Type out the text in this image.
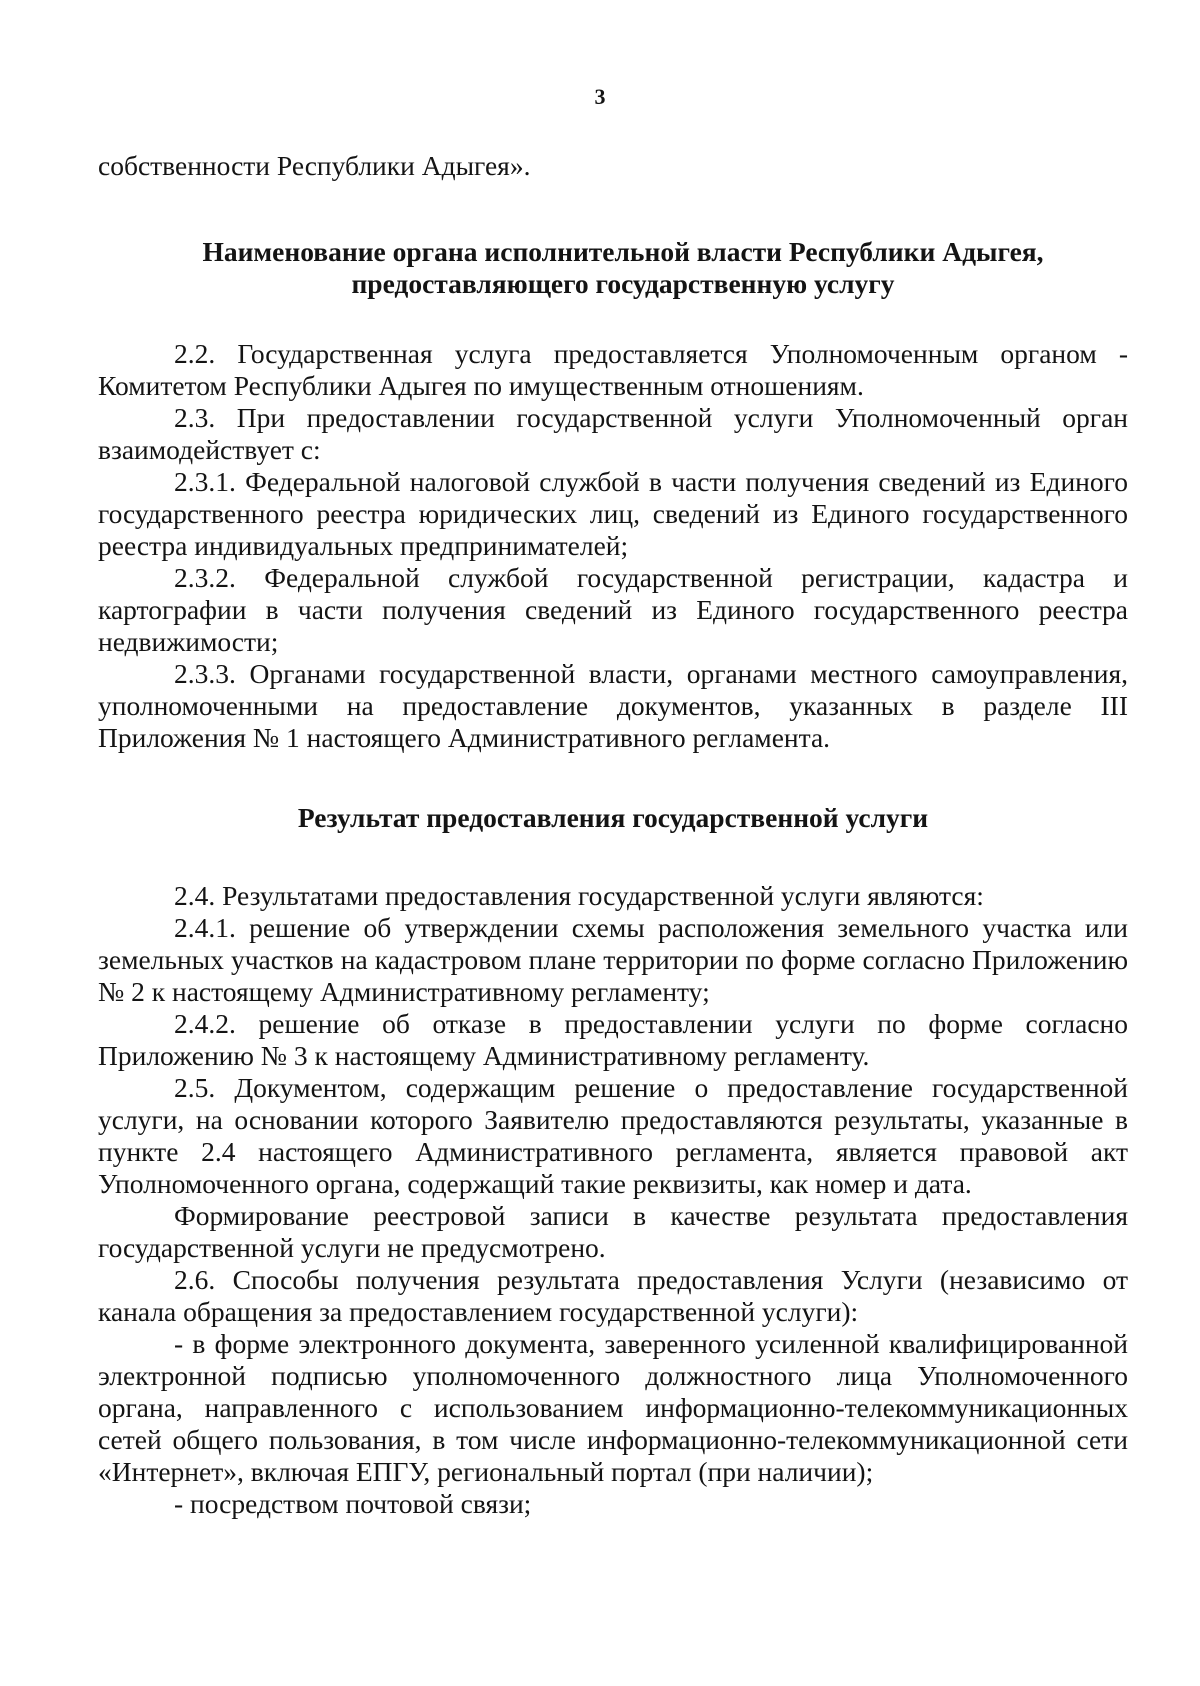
3

собственности Республики Адыгея».

Наименование органа исполнительной власти Республики Адыгея,
предоставляющего государственную услугу

2.2. Государственная услуга предоставляется Уполномоченным органом - Комитетом Республики Адыгея по имущественным отношениям.

2.3. При предоставлении государственной услуги Уполномоченный орган взаимодействует с:

2.3.1. Федеральной налоговой службой в части получения сведений из Единого государственного реестра юридических лиц, сведений из Единого государственного реестра индивидуальных предпринимателей;

2.3.2. Федеральной службой государственной регистрации, кадастра и картографии в части получения сведений из Единого государственного реестра недвижимости;

2.3.3. Органами государственной власти, органами местного самоуправления, уполномоченными на предоставление документов, указанных в разделе III Приложения № 1 настоящего Административного регламента.

Результат предоставления государственной услуги

2.4. Результатами предоставления государственной услуги являются:

2.4.1. решение об утверждении схемы расположения земельного участка или земельных участков на кадастровом плане территории по форме согласно Приложению № 2 к настоящему Административному регламенту;

2.4.2. решение об отказе в предоставлении услуги по форме согласно Приложению № 3 к настоящему Административному регламенту.

2.5. Документом, содержащим решение о предоставление государственной услуги, на основании которого Заявителю предоставляются результаты, указанные в пункте 2.4 настоящего Административного регламента, является правовой акт Уполномоченного органа, содержащий такие реквизиты, как номер и дата.

Формирование реестровой записи в качестве результата предоставления государственной услуги не предусмотрено.

2.6. Способы получения результата предоставления Услуги (независимо от канала обращения за предоставлением государственной услуги):

- в форме электронного документа, заверенного усиленной квалифицированной электронной подписью уполномоченного должностного лица Уполномоченного органа, направленного с использованием информационно-телекоммуникационных сетей общего пользования, в том числе информационно-телекоммуникационной сети «Интернет», включая ЕПГУ, региональный портал (при наличии);

- посредством почтовой связи;
